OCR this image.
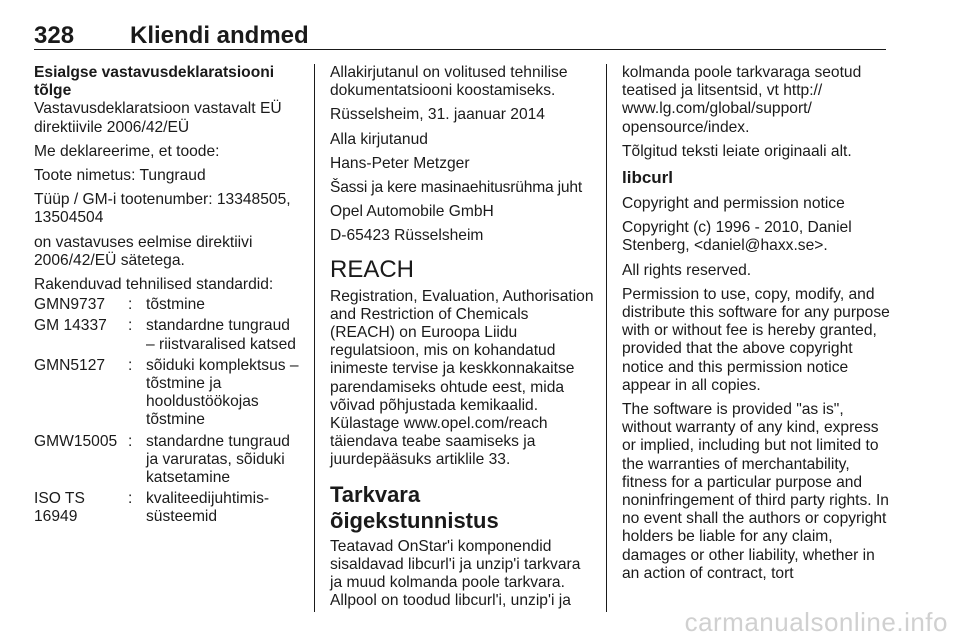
328 Kliendi andmed
Esialgse vastavusdeklaratsiooni
tõlge

Vastavusdeklaratsioon vastavalt EÜ direktiivile 2006/42/EÜ

Me deklareerime, et toode:

Toote nimetus: Tungraud

Tüüp / GM-i tootenumber: 13348505, 13504504

on vastavuses eelmise direktiivi 2006/42/EÜ sätetega.

Rakenduvad tehnilised standardid:

GMN9737	:	tõstmine
GM 14337	:	standardne tungraud – riistvaralised katsed
GMN5127	:	sõiduki komplektsus – tõstmine ja hooldustöökojas tõstmine
GMW15005	:	standardne tungraud ja varuratas, sõiduki katsetamine
ISO TS 16949	:	kvaliteedijuhtimis- süsteemid

Allakirjutanul on volitused tehnilise dokumentatsiooni koostamiseks.

Rüsselsheim, 31. jaanuar 2014

Alla kirjutanud

Hans-Peter Metzger

Šassi ja kere masinaehitusrühma juht

Opel Automobile GmbH

D-65423 Rüsselsheim

REACH

Registration, Evaluation, Authorisation and Restriction of Chemicals (REACH) on Euroopa Liidu regulatsioon, mis on kohandatud inimeste tervise ja keskkonnakaitse parendamiseks ohtude eest, mida võivad põhjustada kemikaalid. Külastage www.opel.com/reach täiendava teabe saamiseks ja juurdepääsuks artiklile 33.

Tarkvara õigekstunnistus

Teatavad OnStar'i komponendid sisaldavad libcurl'i ja unzip'i tarkvara ja muud kolmanda poole tarkvara. Allpool on toodud libcurl'i, unzip'i ja

kolmanda poole tarkvaraga seotud teatised ja litsentsid, vt http:// www.lg.com/global/support/ opensource/index.

Tõlgitud teksti leiate originaali alt.

libcurl

Copyright and permission notice

Copyright (c) 1996 - 2010, Daniel Stenberg, <daniel@haxx.se>.

All rights reserved.

Permission to use, copy, modify, and distribute this software for any purpose with or without fee is hereby granted, provided that the above copyright notice and this permission notice appear in all copies.

The software is provided "as is", without warranty of any kind, express or implied, including but not limited to the warranties of merchantability, fitness for a particular purpose and noninfringement of third party rights. In no event shall the authors or copyright holders be liable for any claim, damages or other liability, whether in an action of contract, tort

carmanualsonline.info
